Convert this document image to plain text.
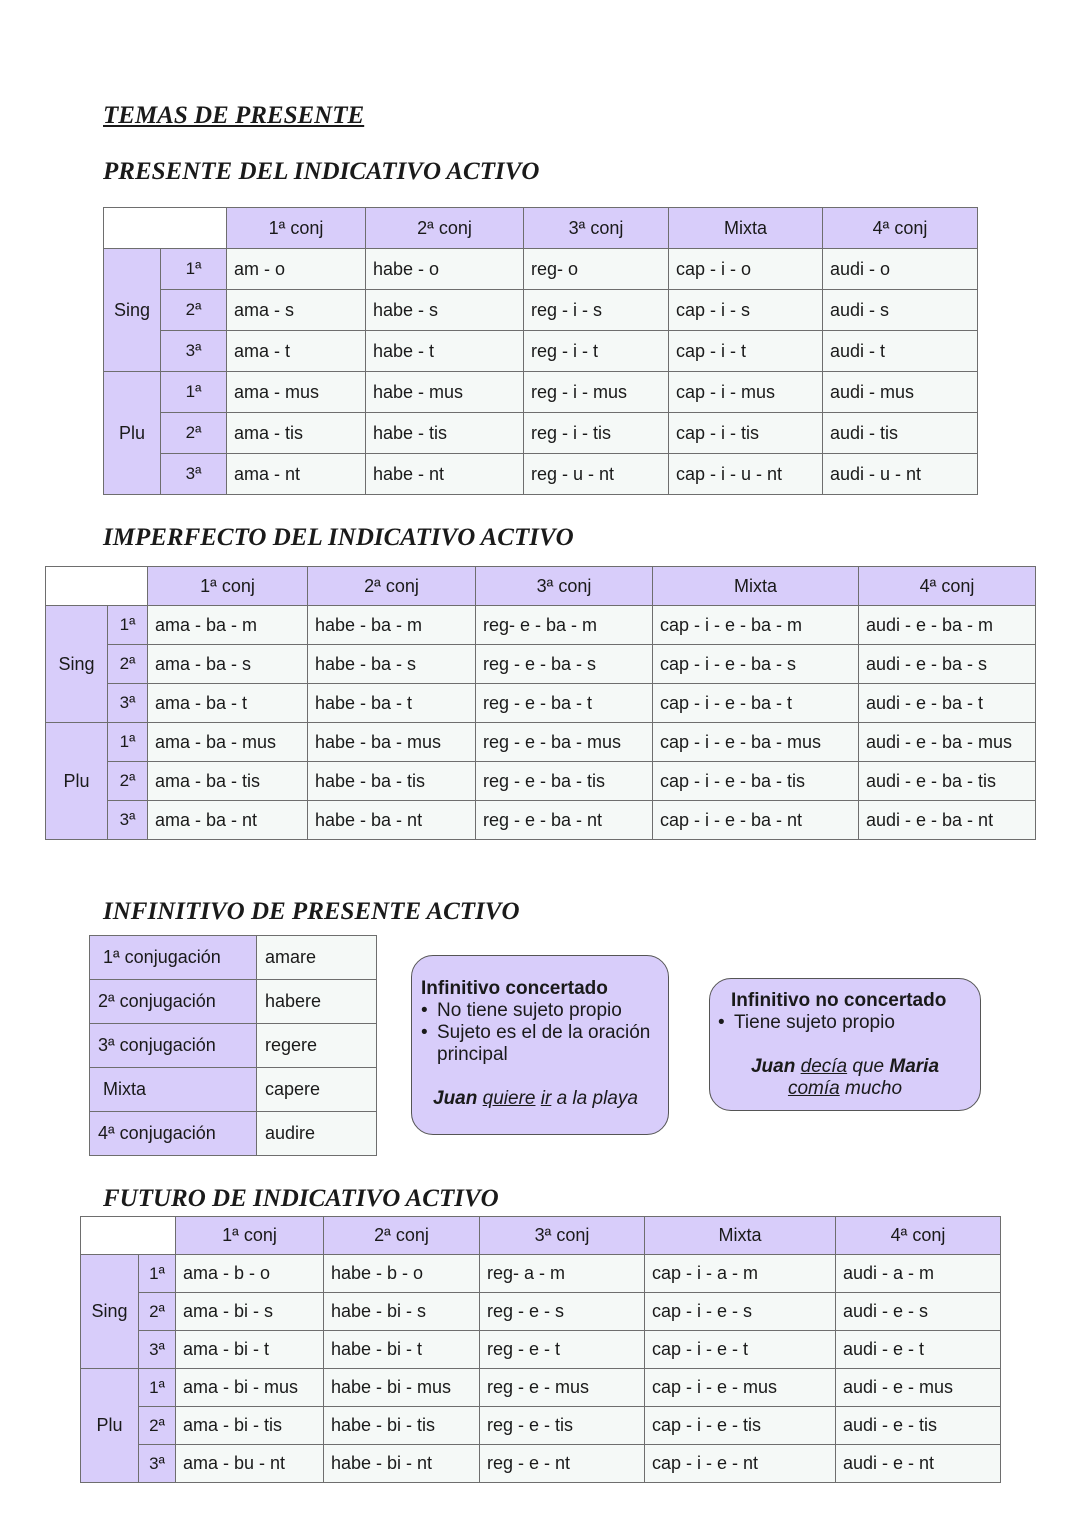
TEMAS DE PRESENTE
PRESENTE DEL INDICATIVO ACTIVO
		1ª conj	2ª conj	3ª conj	Mixta	4ª conj
Sing	1ª	am - o	habe - o	reg- o	cap - i - o	audi - o
	2ª	ama - s	habe - s	reg - i - s	cap - i - s	audi - s
	3ª	ama - t	habe - t	reg - i - t	cap - i - t	audi - t
Plu	1ª	ama - mus	habe - mus	reg - i - mus	cap - i - mus	audi - mus
	2ª	ama - tis	habe - tis	reg - i - tis	cap - i - tis	audi - tis
	3ª	ama - nt	habe - nt	reg - u - nt	cap - i - u - nt	audi - u - nt
IMPERFECTO DEL INDICATIVO ACTIVO
		1ª conj	2ª conj	3ª conj	Mixta	4ª conj
Sing	1ª	ama - ba - m	habe - ba - m	reg- e - ba - m	cap - i - e - ba - m	audi - e - ba - m
	2ª	ama - ba - s	habe - ba - s	reg - e - ba - s	cap - i - e - ba - s	audi - e - ba - s
	3ª	ama - ba - t	habe - ba - t	reg - e - ba - t	cap - i - e - ba - t	audi - e - ba - t
Plu	1ª	ama - ba - mus	habe - ba - mus	reg - e - ba - mus	cap - i - e - ba - mus	audi - e - ba - mus
	2ª	ama - ba - tis	habe - ba - tis	reg - e - ba - tis	cap - i - e - ba - tis	audi - e - ba - tis
	3ª	ama - ba - nt	habe - ba - nt	reg - e - ba - nt	cap - i - e - ba - nt	audi - e - ba - nt
INFINITIVO DE PRESENTE ACTIVO
1ª conjugación	amare
2ª conjugación	habere
3ª conjugación	regere
Mixta	capere
4ª conjugación	audire
Infinitivo concertado
• No tiene sujeto propio
• Sujeto es el de la oración principal
Juan quiere ir a la playa
Infinitivo no concertado
• Tiene sujeto propio
Juan decía que Maria
comía mucho
FUTURO DE INDICATIVO ACTIVO
		1ª conj	2ª conj	3ª conj	Mixta	4ª conj
Sing	1ª	ama - b - o	habe - b - o	reg- a - m	cap - i - a - m	audi - a - m
	2ª	ama - bi - s	habe - bi - s	reg - e - s	cap - i - e - s	audi - e - s
	3ª	ama - bi - t	habe - bi - t	reg - e - t	cap - i - e - t	audi - e - t
Plu	1ª	ama - bi - mus	habe - bi - mus	reg - e - mus	cap - i - e - mus	audi - e - mus
	2ª	ama - bi - tis	habe - bi - tis	reg - e - tis	cap - i - e - tis	audi - e - tis
	3ª	ama - bu - nt	habe - bi - nt	reg - e - nt	cap - i - e - nt	audi - e - nt
